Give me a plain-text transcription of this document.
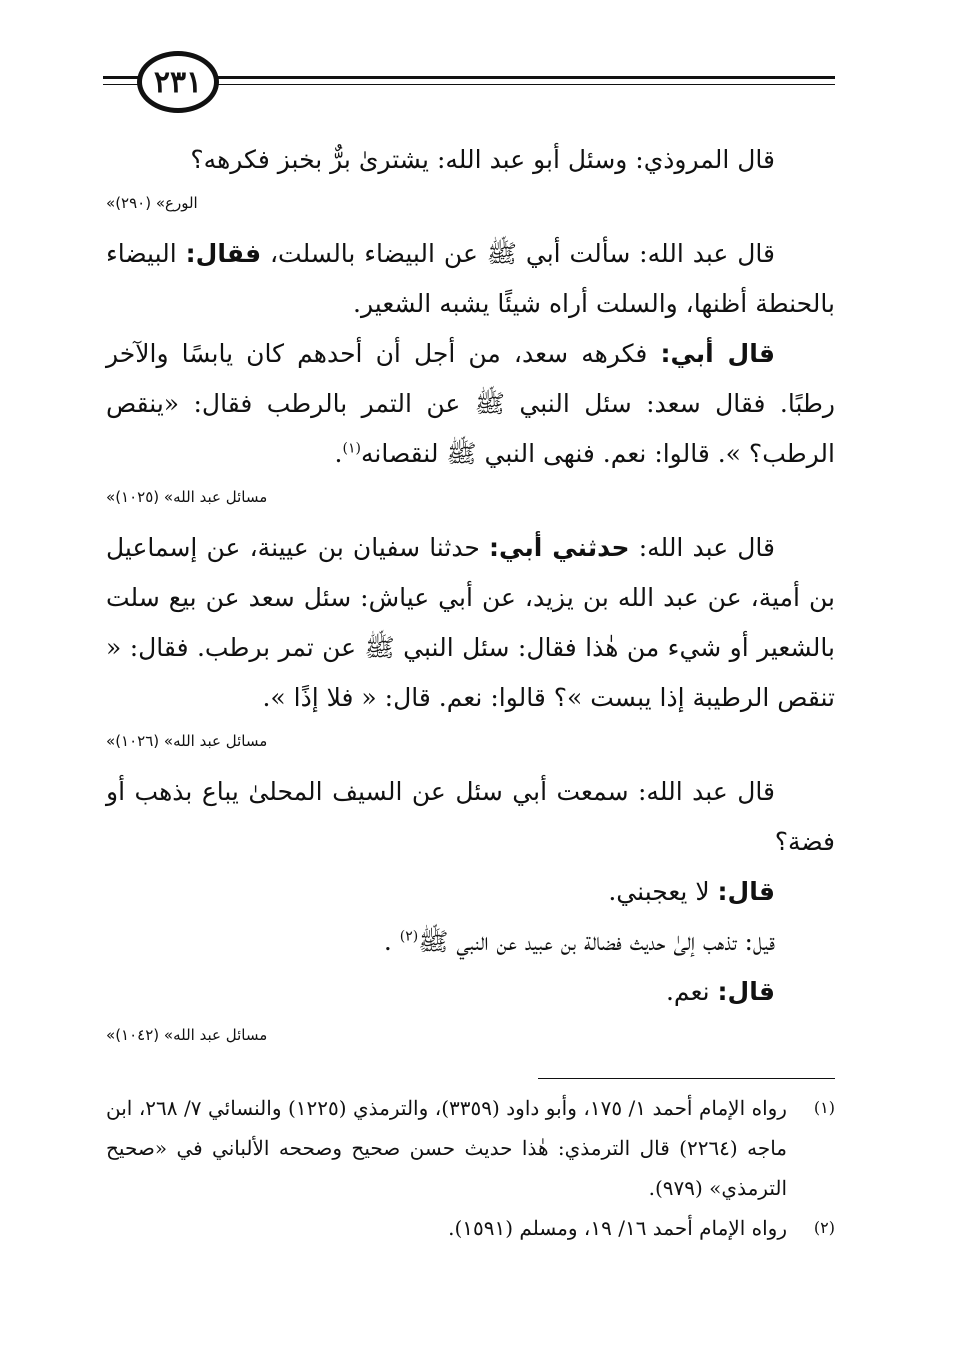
٢٣١

قال المروذي: وسئل أبو عبد الله: يشترىٰ برٌّ بخبز فكرهه؟

«الورع» (٢٩٠)

قال عبد الله: سألت أبي ﷺ عن البيضاء بالسلت، فقال: البيضاء بالحنطة أظنها، والسلت أراه شيئًا يشبه الشعير.

قال أبي: فكرهه سعد، من أجل أن أحدهم كان يابسًا والآخر رطبًا. فقال سعد: سئل النبي ﷺ عن التمر بالرطب فقال: «ينقص الرطب؟ ». قالوا: نعم. فنهى النبي ﷺ لنقصانه$^{(١)}$.

«مسائل عبد الله» (١٠٢٥)

قال عبد الله: حدثني أبي: حدثنا سفيان بن عيينة، عن إسماعيل بن أمية، عن عبد الله بن يزيد، عن أبي عياش: سئل سعد عن بيع سلت بالشعير أو شيء من هٰذا فقال: سئل النبي ﷺ عن تمر برطب. فقال: « تنقص الرطيبة إذا يبست »؟ قالوا: نعم. قال: « فلا إذًا ».

«مسائل عبد الله» (١٠٢٦)

قال عبد الله: سمعت أبي سئل عن السيف المحلىٰ يباع بذهب أو فضة؟

قال: لا يعجبني.

قيل: تذهب إلىٰ حديث فضالة بن عبيد عن النبي ﷺ$^{(٢)}$ .

قال: نعم.

«مسائل عبد الله» (١٠٤٢)

(١)
رواه الإمام أحمد ١/ ١٧٥، وأبو داود (٣٣٥٩)، والترمذي (١٢٢٥) والنسائي ٧/ ٢٦٨، ابن ماجه (٢٢٦٤) قال الترمذي: هٰذا حديث حسن صحيح وصححه الألباني في «صحيح الترمذي» (٩٧٩).

(٢)
رواه الإمام أحمد ١٦/ ١٩، ومسلم (١٥٩١).
